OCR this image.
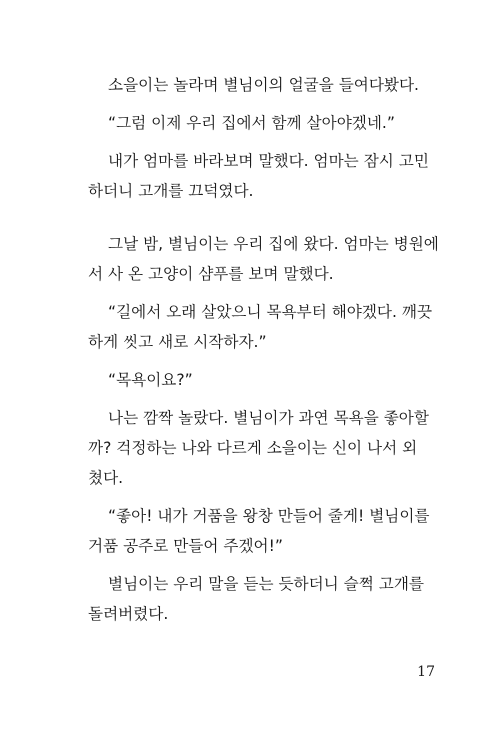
소을이는 놀라며 별님이의 얼굴을 들여다봤다.

“그럼 이제 우리 집에서 함께 살아야겠네.”

내가 엄마를 바라보며 말했다. 엄마는 잠시 고민
하더니 고개를 끄덕였다.

그날 밤, 별님이는 우리 집에 왔다. 엄마는 병원에
서 사 온 고양이 샴푸를 보며 말했다.

“길에서 오래 살았으니 목욕부터 해야겠다. 깨끗
하게 씻고 새로 시작하자.”

“목욕이요?”

나는 깜짝 놀랐다. 별님이가 과연 목욕을 좋아할
까? 걱정하는 나와 다르게 소을이는 신이 나서 외
쳤다.

“좋아! 내가 거품을 왕창 만들어 줄게! 별님이를
거품 공주로 만들어 주겠어!”

별님이는 우리 말을 듣는 듯하더니 슬쩍 고개를
돌려버렸다.

17
